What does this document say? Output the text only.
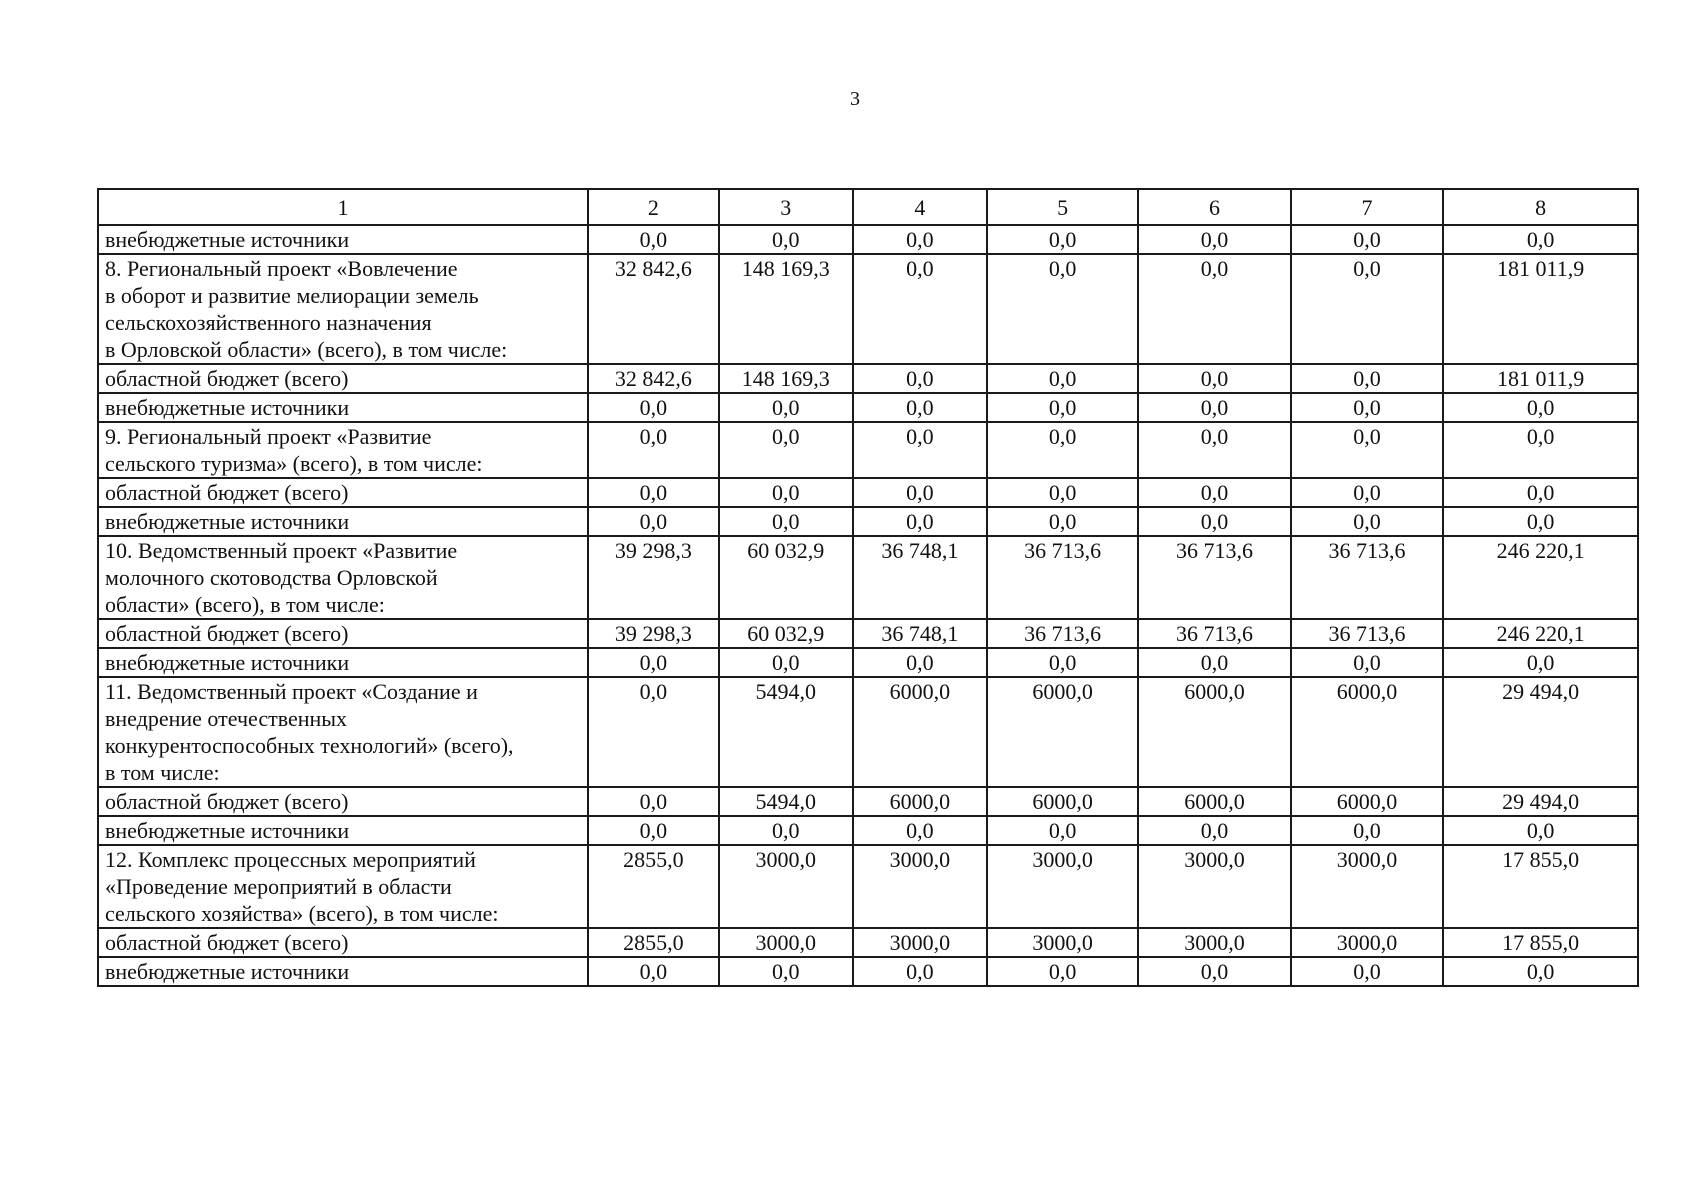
3
1	2	3	4	5	6	7	8
внебюджетные источники	0,0	0,0	0,0	0,0	0,0	0,0	0,0
8. Региональный проект «Вовлечение
в оборот и развитие мелиорации земель
сельскохозяйственного назначения
в Орловской области» (всего), в том числе:	32 842,6	148 169,3	0,0	0,0	0,0	0,0	181 011,9
областной бюджет (всего)	32 842,6	148 169,3	0,0	0,0	0,0	0,0	181 011,9
внебюджетные источники	0,0	0,0	0,0	0,0	0,0	0,0	0,0
9. Региональный проект «Развитие
сельского туризма» (всего), в том числе:	0,0	0,0	0,0	0,0	0,0	0,0	0,0
областной бюджет (всего)	0,0	0,0	0,0	0,0	0,0	0,0	0,0
внебюджетные источники	0,0	0,0	0,0	0,0	0,0	0,0	0,0
10. Ведомственный проект «Развитие
молочного скотоводства Орловской
области» (всего), в том числе:	39 298,3	60 032,9	36 748,1	36 713,6	36 713,6	36 713,6	246 220,1
областной бюджет (всего)	39 298,3	60 032,9	36 748,1	36 713,6	36 713,6	36 713,6	246 220,1
внебюджетные источники	0,0	0,0	0,0	0,0	0,0	0,0	0,0
11. Ведомственный проект «Создание и
внедрение отечественных
конкурентоспособных технологий» (всего),
в том числе:	0,0	5494,0	6000,0	6000,0	6000,0	6000,0	29 494,0
областной бюджет (всего)	0,0	5494,0	6000,0	6000,0	6000,0	6000,0	29 494,0
внебюджетные источники	0,0	0,0	0,0	0,0	0,0	0,0	0,0
12. Комплекс процессных мероприятий
«Проведение мероприятий в области
сельского хозяйства» (всего), в том числе:	2855,0	3000,0	3000,0	3000,0	3000,0	3000,0	17 855,0
областной бюджет (всего)	2855,0	3000,0	3000,0	3000,0	3000,0	3000,0	17 855,0
внебюджетные источники	0,0	0,0	0,0	0,0	0,0	0,0	0,0
